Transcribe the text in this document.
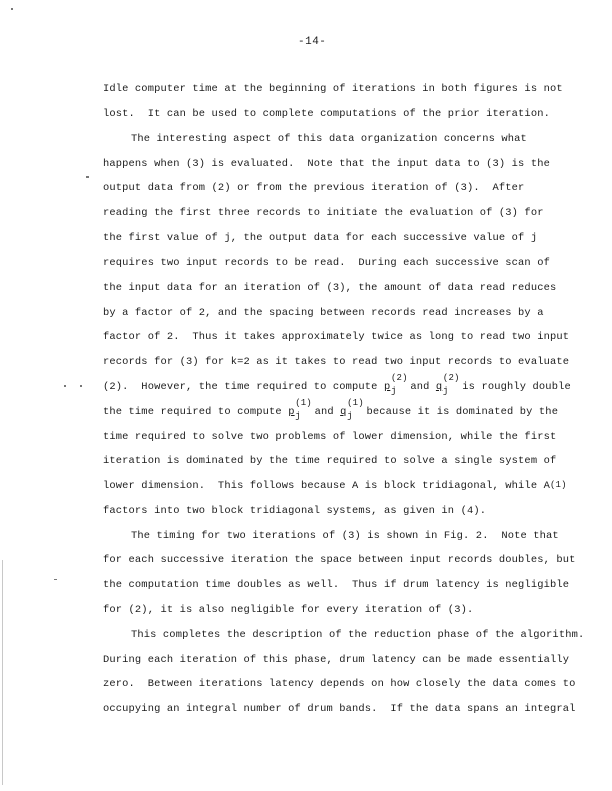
-14-
Idle computer time at the beginning of iterations in both figures is not
lost.  It can be used to complete computations of the prior iteration.
The interesting aspect of this data organization concerns what
happens when (3) is evaluated.  Note that the input data to (3) is the
output data from (2) or from the previous iteration of (3).  After
reading the first three records to initiate the evaluation of (3) for
the first value of j, the output data for each successive value of j
requires two input records to be read.  During each successive scan of
the input data for an iteration of (3), the amount of data read reduces
by a factor of 2, and the spacing between records read increases by a
factor of 2.  Thus it takes approximately twice as long to read two input
records for (3) for k=2 as it takes to read two input records to evaluate
(2).  However, the time required to compute p
(2)
j and q
(2)
j is roughly double
the time required to compute p
(1)
j and q
(1)
j because it is dominated by the
time required to solve two problems of lower dimension, while the first
iteration is dominated by the time required to solve a single system of
lower dimension.  This follows because A is block tridiagonal, while A (1)
factors into two block tridiagonal systems, as given in (4).
The timing for two iterations of (3) is shown in Fig. 2.  Note that
for each successive iteration the space between input records doubles, but
the computation time doubles as well.  Thus if drum latency is negligible
for (2), it is also negligible for every iteration of (3).
This completes the description of the reduction phase of the algorithm.
During each iteration of this phase, drum latency can be made essentially
zero.  Between iterations latency depends on how closely the data comes to
occupying an integral number of drum bands.  If the data spans an integral
